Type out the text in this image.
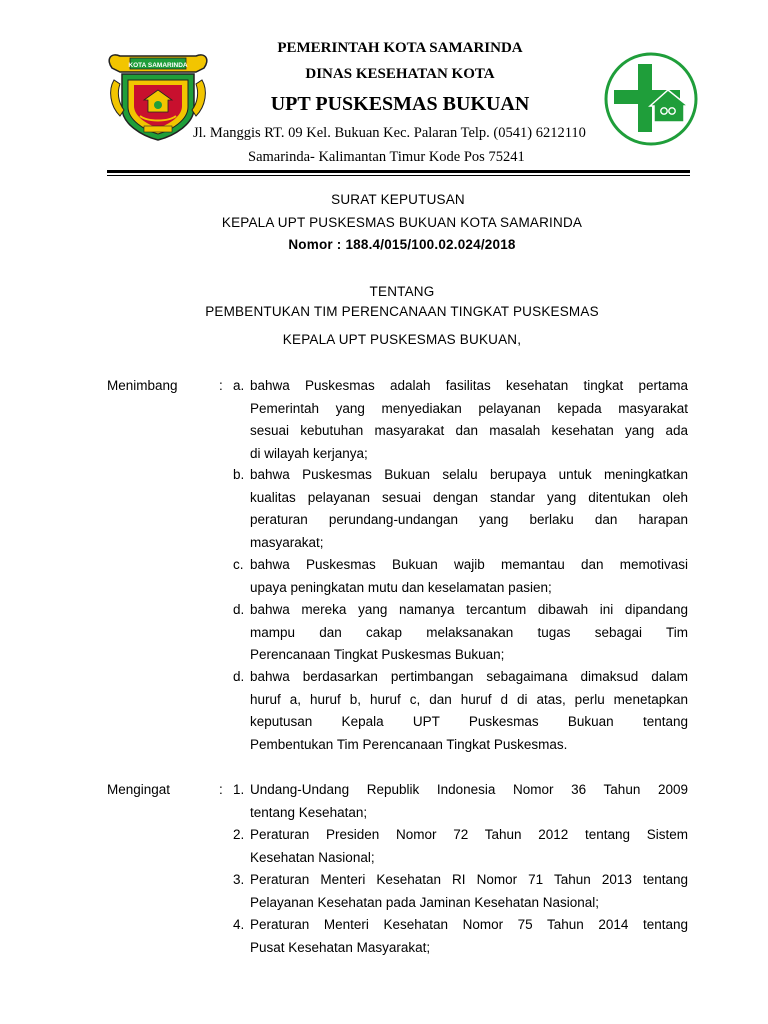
KOTA SAMARINDA
PEMERINTAH KOTA SAMARINDA
DINAS KESEHATAN KOTA
UPT PUSKESMAS BUKUAN
Jl. Manggis RT. 09 Kel. Bukuan Kec. Palaran Telp. (0541) 6212110
Samarinda- Kalimantan Timur Kode Pos 75241
SURAT KEPUTUSAN
KEPALA UPT PUSKESMAS BUKUAN KOTA SAMARINDA
Nomor : 188.4/015/100.02.024/2018
TENTANG
PEMBENTUKAN TIM PERENCANAAN TINGKAT PUSKESMAS
KEPALA UPT PUSKESMAS BUKUAN,
Menimbang	: a. bahwa Puskesmas adalah fasilitas kesehatan tingkat pertama
Pemerintah yang menyediakan pelayanan kepada masyarakat
sesuai kebutuhan masyarakat dan masalah kesehatan yang ada
di wilayah kerjanya;
b. bahwa Puskesmas Bukuan selalu berupaya untuk meningkatkan
kualitas pelayanan sesuai dengan standar yang ditentukan oleh
peraturan perundang-undangan yang berlaku dan harapan
masyarakat;
c. bahwa Puskesmas Bukuan wajib memantau dan memotivasi
upaya peningkatan mutu dan keselamatan pasien;
d. bahwa mereka yang namanya tercantum dibawah ini dipandang
mampu dan cakap melaksanakan tugas sebagai Tim
Perencanaan Tingkat Puskesmas Bukuan;
d. bahwa berdasarkan pertimbangan sebagaimana dimaksud dalam
huruf a, huruf b, huruf c, dan huruf d di atas, perlu menetapkan
keputusan Kepala UPT Puskesmas Bukuan tentang
Pembentukan Tim Perencanaan Tingkat Puskesmas.
Mengingat	: 1. Undang-Undang Republik Indonesia Nomor 36 Tahun 2009
tentang Kesehatan;
2. Peraturan Presiden Nomor 72 Tahun 2012 tentang Sistem
Kesehatan Nasional;
3. Peraturan Menteri Kesehatan RI Nomor 71 Tahun 2013 tentang
Pelayanan Kesehatan pada Jaminan Kesehatan Nasional;
4. Peraturan Menteri Kesehatan Nomor 75 Tahun 2014 tentang
Pusat Kesehatan Masyarakat;
